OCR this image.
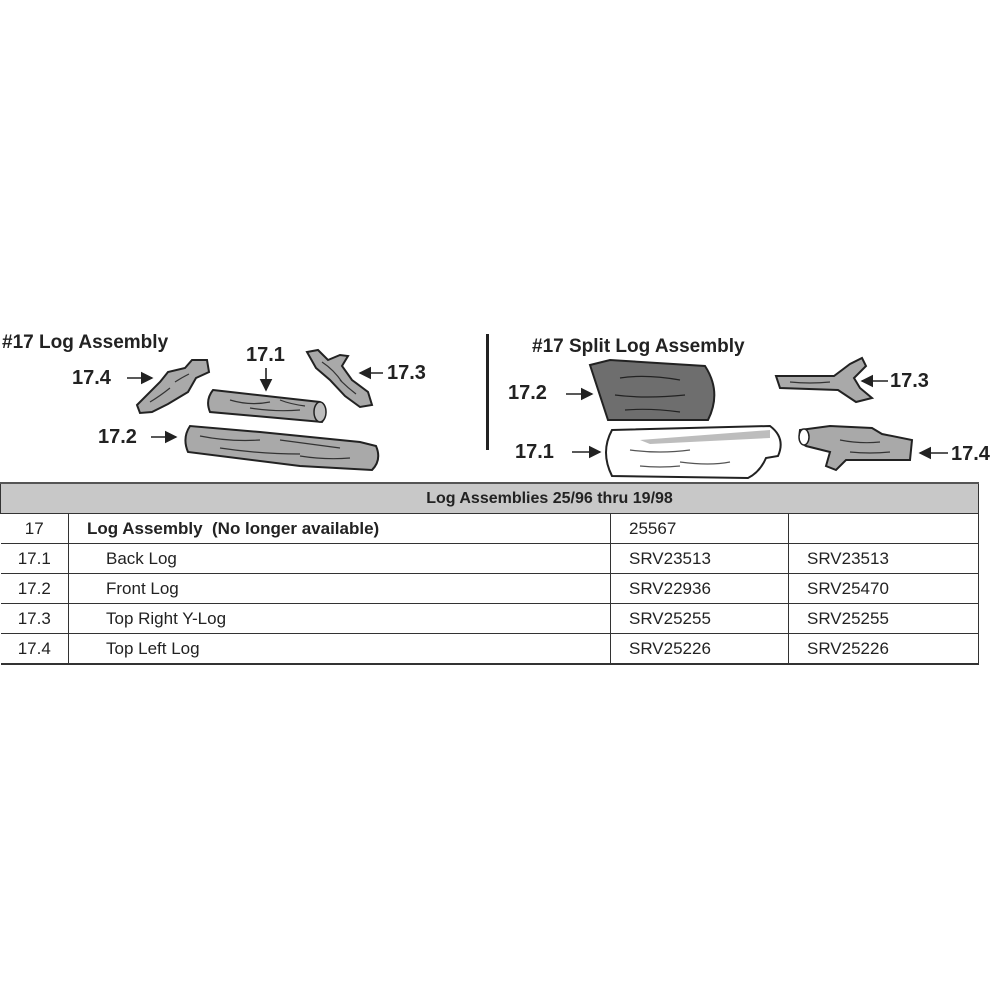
#17 Log Assembly
17.1
17.2
17.3
17.4
#17 Split Log Assembly
17.1
17.2
17.3
17.4
Log Assemblies 25/96 thru 19/98			
17	Log Assembly  (No longer available)	25567	
17.1	Back Log	SRV23513	SRV23513
17.2	Front Log	SRV22936	SRV25470
17.3	Top Right Y-Log	SRV25255	SRV25255
17.4	Top Left Log	SRV25226	SRV25226
